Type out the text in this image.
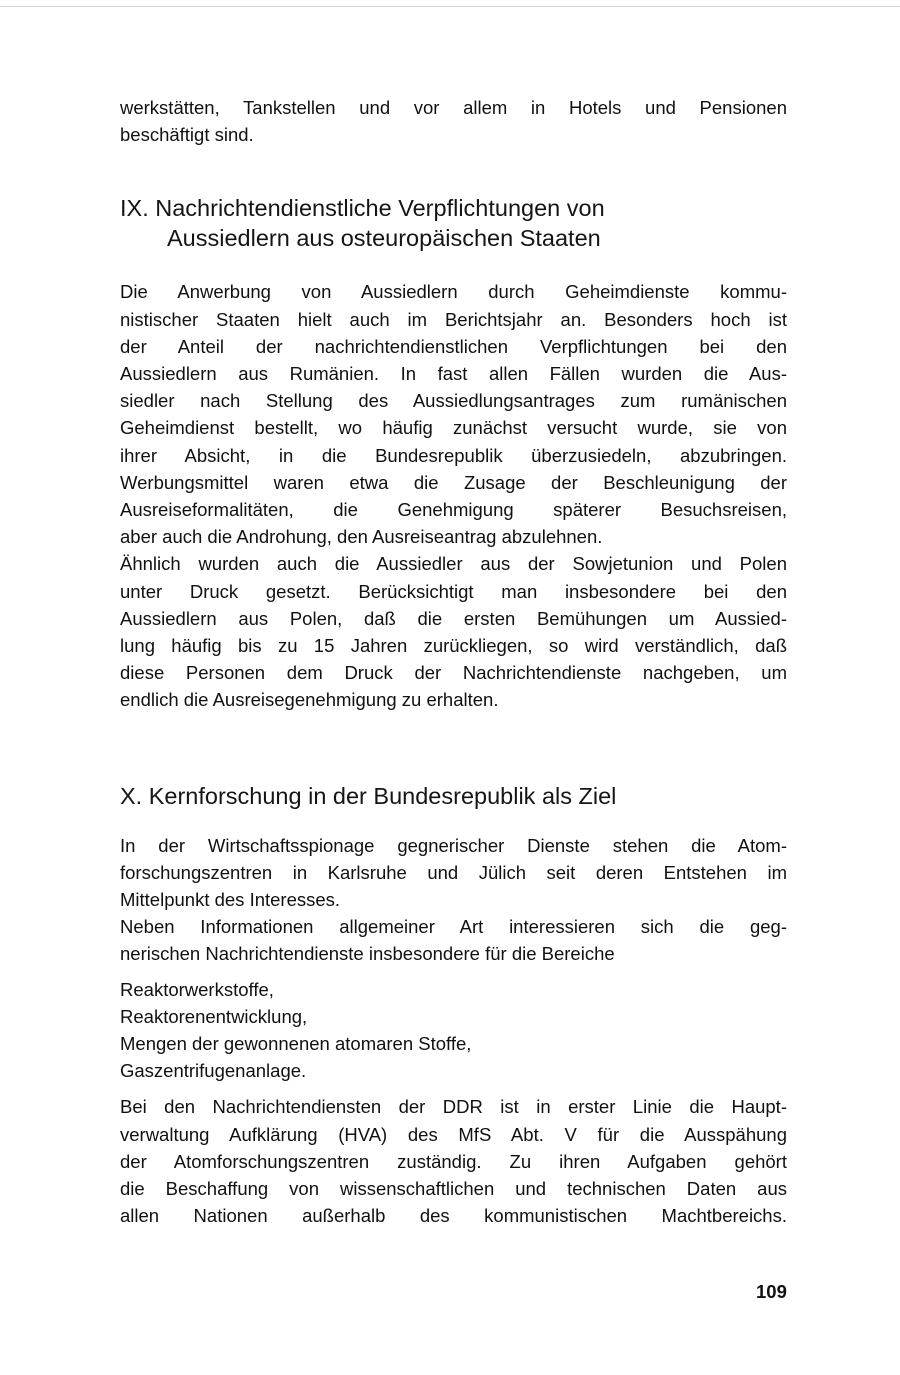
werkstätten, Tankstellen und vor allem in Hotels und Pensionen
beschäftigt sind.

IX. Nachrichtendienstliche Verpflichtungen von
Aussiedlern aus osteuropäischen Staaten

Die Anwerbung von Aussiedlern durch Geheimdienste kommu-
nistischer Staaten hielt auch im Berichtsjahr an. Besonders hoch ist
der Anteil der nachrichtendienstlichen Verpflichtungen bei den
Aussiedlern aus Rumänien. In fast allen Fällen wurden die Aus-
siedler nach Stellung des Aussiedlungsantrages zum rumänischen
Geheimdienst bestellt, wo häufig zunächst versucht wurde, sie von
ihrer Absicht, in die Bundesrepublik überzusiedeln, abzubringen.
Werbungsmittel waren etwa die Zusage der Beschleunigung der
Ausreiseformalitäten, die Genehmigung späterer Besuchsreisen,
aber auch die Androhung, den Ausreiseantrag abzulehnen.

Ähnlich wurden auch die Aussiedler aus der Sowjetunion und Polen
unter Druck gesetzt. Berücksichtigt man insbesondere bei den
Aussiedlern aus Polen, daß die ersten Bemühungen um Aussied-
lung häufig bis zu 15 Jahren zurückliegen, so wird verständlich, daß
diese Personen dem Druck der Nachrichtendienste nachgeben, um
endlich die Ausreisegenehmigung zu erhalten.

X. Kernforschung in der Bundesrepublik als Ziel

In der Wirtschaftsspionage gegnerischer Dienste stehen die Atom-
forschungszentren in Karlsruhe und Jülich seit deren Entstehen im
Mittelpunkt des Interesses.

Neben Informationen allgemeiner Art interessieren sich die geg-
nerischen Nachrichtendienste insbesondere für die Bereiche

Reaktorwerkstoffe,
Reaktorenentwicklung,
Mengen der gewonnenen atomaren Stoffe,
Gaszentrifugenanlage.

Bei den Nachrichtendiensten der DDR ist in erster Linie die Haupt-
verwaltung Aufklärung (HVA) des MfS Abt. V für die Ausspähung
der Atomforschungszentren zuständig. Zu ihren Aufgaben gehört
die Beschaffung von wissenschaftlichen und technischen Daten aus
allen Nationen außerhalb des kommunistischen Machtbereichs.

109
